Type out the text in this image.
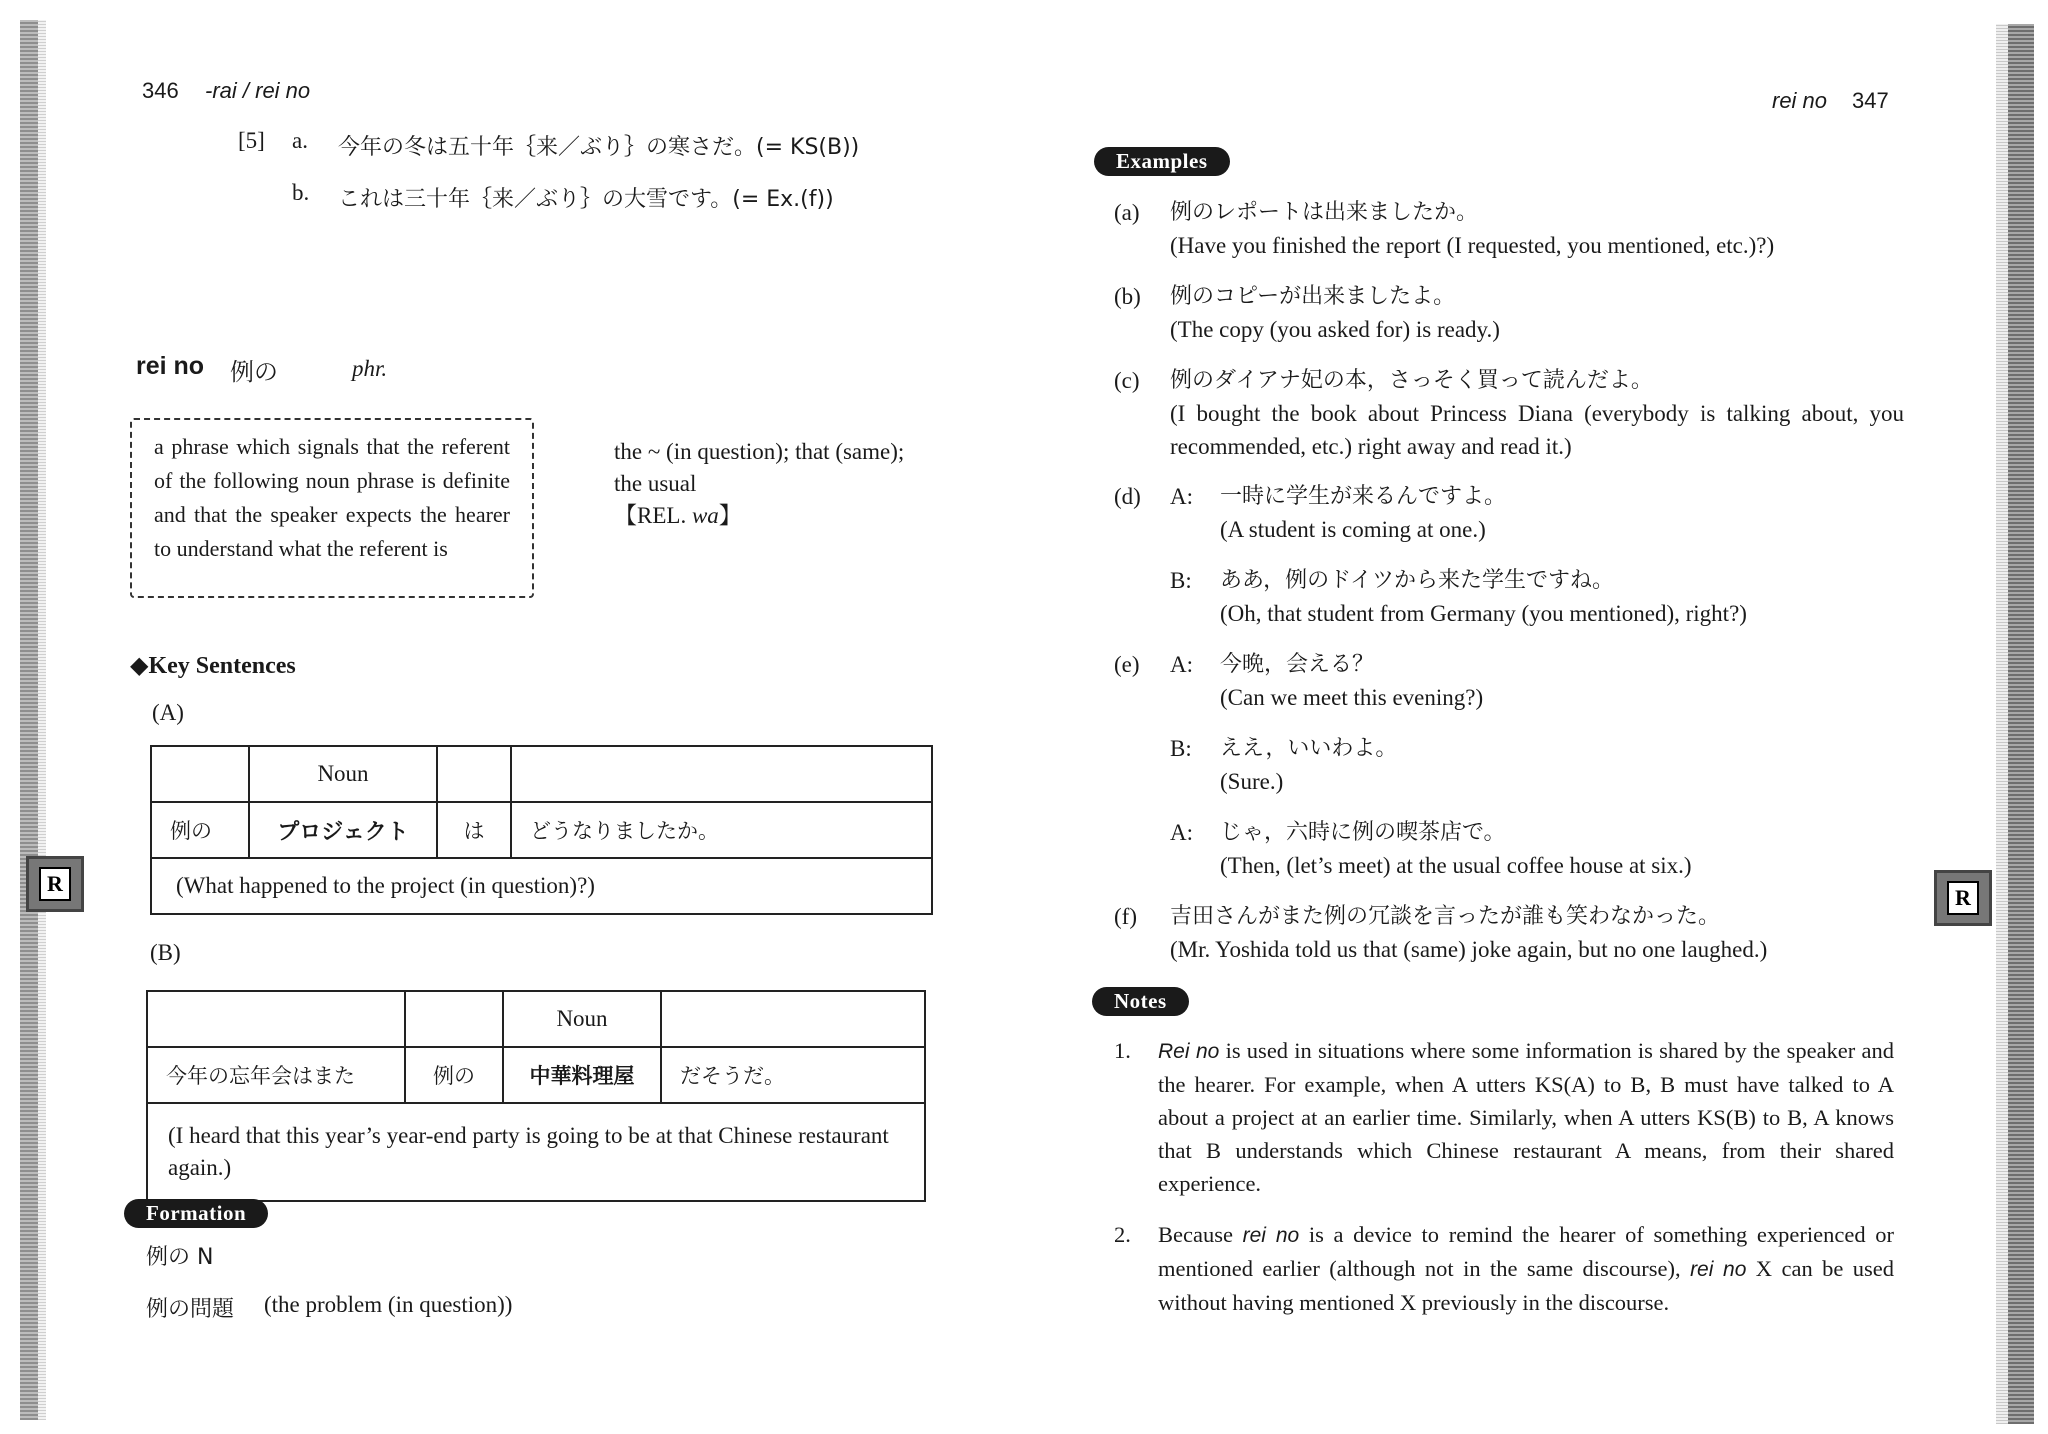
346 -rai / rei no
[5] a. 今年の冬は五十年｛来／ぶり｝の寒さだ。(= KS(B))
b. これは三十年｛来／ぶり｝の大雪です。(= Ex.(f))
rei no 例の	phr.
a phrase which signals that the referent of the following noun phrase is definite and that the speaker expects the hearer to understand what the referent is
the ~ (in question); that (same);
the usual
【REL. wa】
◆Key Sentences
(A)
	Noun		
例の	プロジェクト	は	どうなりましたか。
(What happened to the project (in question)?)			
(B)
		Noun	
今年の忘年会はまた	例の	中華料理屋	だそうだ。
(I heard that this year’s year-end party is going to be at that Chinese restaurant again.)			
Formation
例の N
例の問題 (the problem (in question))
R
rei no 347
Examples
(a) 例のレポートは出来ましたか。
(Have you finished the report (I requested, you mentioned, etc.)?)
(b) 例のコピーが出来ましたよ。
(The copy (you asked for) is ready.)
(c) 例のダイアナ妃の本，さっそく買って読んだよ。
(I bought the book about Princess Diana (everybody is talking about, you recommended, etc.) right away and read it.)
(d) A: 一時に学生が来るんですよ。
(A student is coming at one.)
B: ああ，例のドイツから来た学生ですね。
(Oh, that student from Germany (you mentioned), right?)
(e) A: 今晩，会える？
(Can we meet this evening?)
B: ええ，いいわよ。
(Sure.)
A: じゃ，六時に例の喫茶店で。
(Then, (let’s meet) at the usual coffee house at six.)
(f) 吉田さんがまた例の冗談を言ったが誰も笑わなかった。
(Mr. Yoshida told us that (same) joke again, but no one laughed.)
Notes
1. Rei no is used in situations where some information is shared by the speaker and the hearer. For example, when A utters KS(A) to B, B must have talked to A about a project at an earlier time. Similarly, when A utters KS(B) to B, A knows that B understands which Chinese restaurant A means, from their shared experience.
2. Because rei no is a device to remind the hearer of something experienced or mentioned earlier (although not in the same discourse), rei no X can be used without having mentioned X previously in the discourse.
R
